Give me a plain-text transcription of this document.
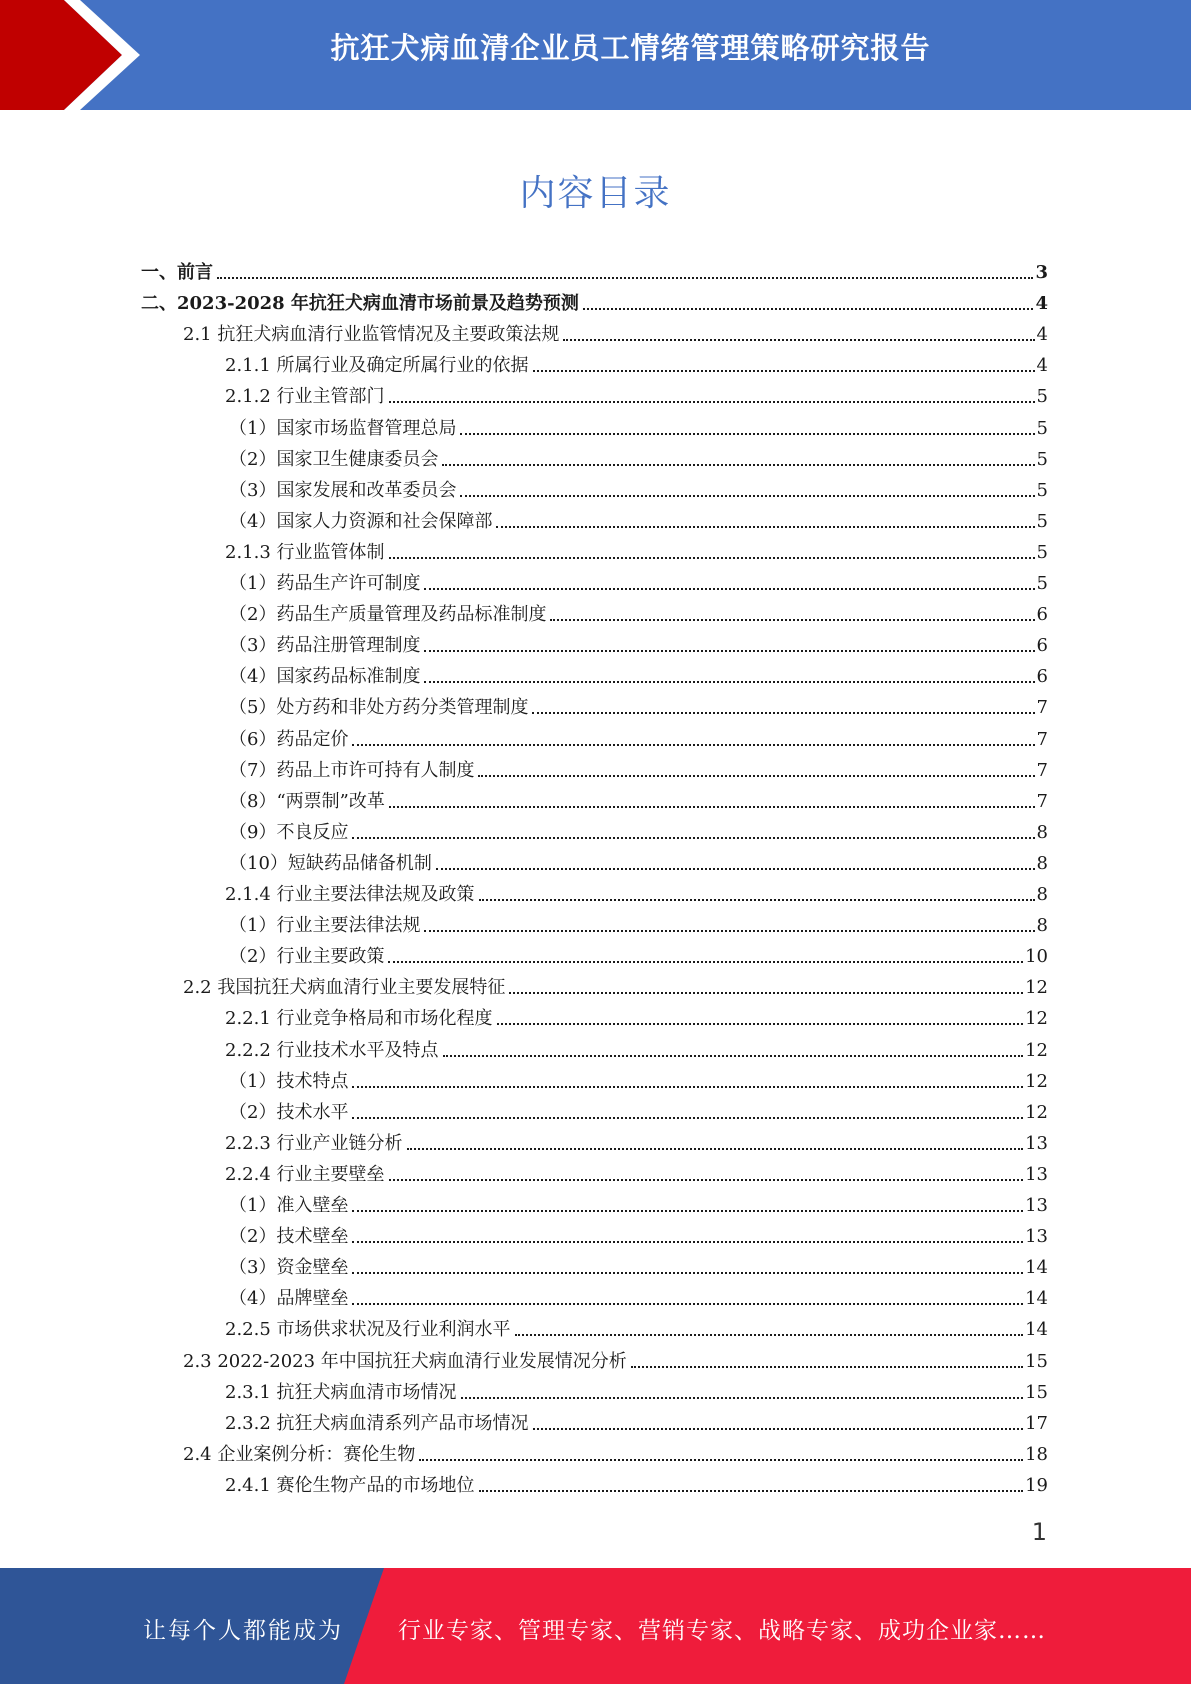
抗狂犬病血清企业员工情绪管理策略研究报告
内容目录
一、前言	3
二、2023-2028 年抗狂犬病血清市场前景及趋势预测	4
2.1 抗狂犬病血清行业监管情况及主要政策法规	4
2.1.1 所属行业及确定所属行业的依据	4
2.1.2 行业主管部门	5
（1）国家市场监督管理总局	5
（2）国家卫生健康委员会	5
（3）国家发展和改革委员会	5
（4）国家人力资源和社会保障部	5
2.1.3 行业监管体制	5
（1）药品生产许可制度	5
（2）药品生产质量管理及药品标准制度	6
（3）药品注册管理制度	6
（4）国家药品标准制度	6
（5）处方药和非处方药分类管理制度	7
（6）药品定价	7
（7）药品上市许可持有人制度	7
（8）“两票制”改革	7
（9）不良反应	8
（10）短缺药品储备机制	8
2.1.4 行业主要法律法规及政策	8
（1）行业主要法律法规	8
（2）行业主要政策	10
2.2 我国抗狂犬病血清行业主要发展特征	12
2.2.1 行业竞争格局和市场化程度	12
2.2.2 行业技术水平及特点	12
（1）技术特点	12
（2）技术水平	12
2.2.3 行业产业链分析	13
2.2.4 行业主要壁垒	13
（1）准入壁垒	13
（2）技术壁垒	13
（3）资金壁垒	14
（4）品牌壁垒	14
2.2.5 市场供求状况及行业利润水平	14
2.3 2022-2023 年中国抗狂犬病血清行业发展情况分析	15
2.3.1 抗狂犬病血清市场情况	15
2.3.2 抗狂犬病血清系列产品市场情况	17
2.4 企业案例分析：赛伦生物	18
2.4.1 赛伦生物产品的市场地位	19
1
让每个人都能成为 行业专家、管理专家、营销专家、战略专家、成功企业家……
